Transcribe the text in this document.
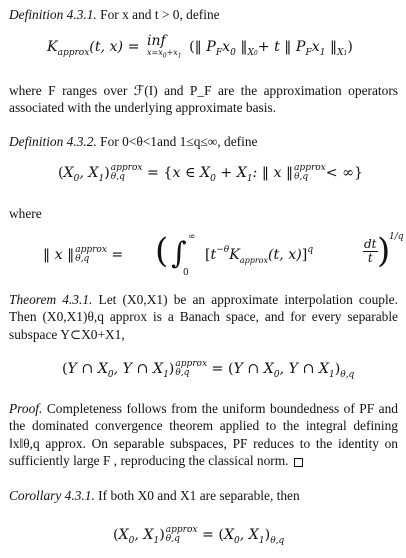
Definition 4.3.1. For x and t > 0, define
$K_{approx}(t$, x) = inf
$x=x_0+x_1$
(‖ $P_Fx_0$ $‖_{X0}+ t$ ‖ $P_Fx_1$ $‖_{X1}$)
where F ranges over ℱ(I) and P_F are the approximation operators associated with the underlying approximate basis.
Definition 4.3.2. For 0<θ<1and 1≤q≤∞, define
($X_0$, $X_1$) approx
θ,q = {x ∈ $X_0 + X_1$: ‖ x ‖ approx
θ,q < ∞}
where
‖ x ‖ approx
θ,q = ( ∫ ∞
0
[$t^{-\theta}K_{approx}(t$, x)]$^q$	$\frac{dt}{t}$ )
1/q
Theorem 4.3.1. Let (X0,X1) be an approximate interpolation couple. Then (X0,X1)θ,q approx is a Banach space, and for every separable subspace Y⊂X0+X1,
(Y ∩ $X_0$, Y ∩ $X_1$) approx
θ,q = (Y ∩ $X_0$, Y ∩ $X_1)_{\theta,q}$
Proof. Completeness follows from the uniform boundedness of PF and the dominated convergence theorem applied to the integral defining ‖x‖θ,q approx. On separable subspaces, PF reduces to the identity on sufficiently large F , reproducing the classical norm.
Corollary 4.3.1. If both X0 and X1 are separable, then
($X_0$, $X_1$) approx
$\theta,q = (X_0$, $X_1)_{\theta,q}$
